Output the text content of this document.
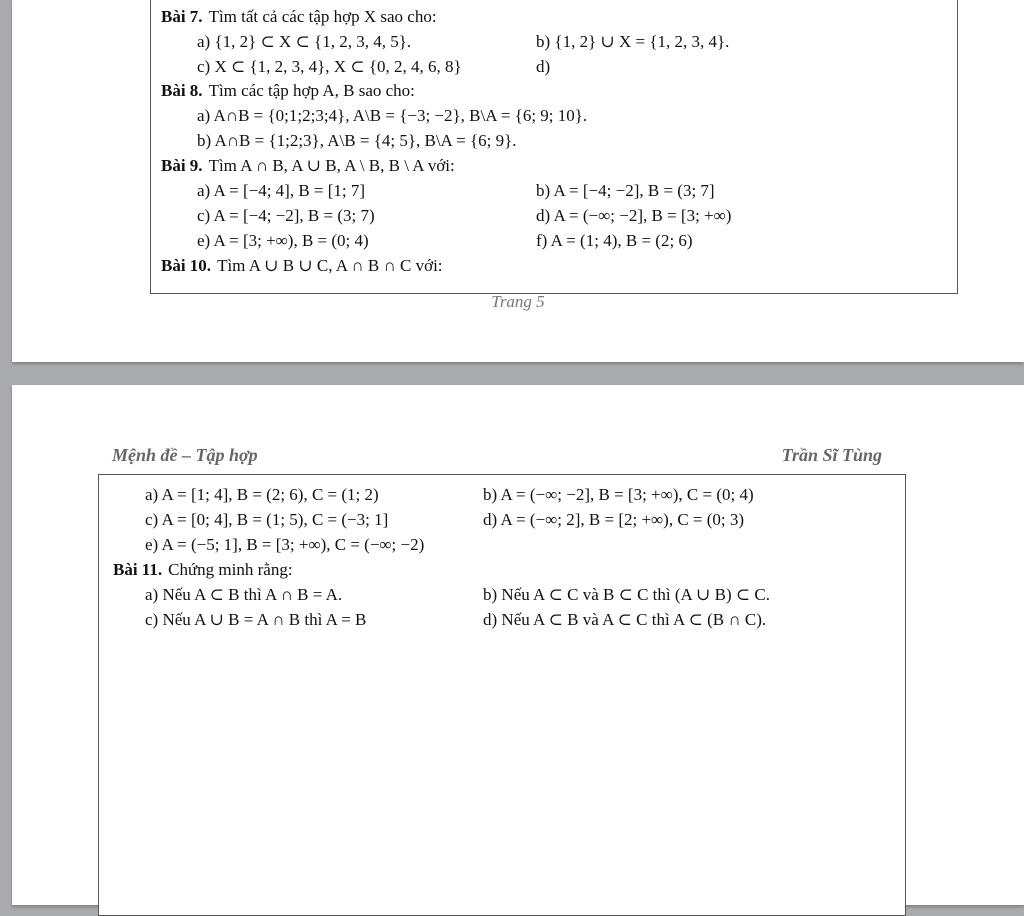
Bài 7. Tìm tất cả các tập hợp X sao cho:
a) {1, 2} ⊂ X ⊂ {1, 2, 3, 4, 5}.	b) {1, 2} ∪ X = {1, 2, 3, 4}.
c) X ⊂ {1, 2, 3, 4}, X ⊂ {0, 2, 4, 6, 8}	d)
Bài 8. Tìm các tập hợp A, B sao cho:
a) A∩B = {0;1;2;3;4}, A\B = {−3; −2}, B\A = {6; 9; 10}.
b) A∩B = {1;2;3}, A\B = {4; 5}, B\A = {6; 9}.
Bài 9. Tìm A ∩ B, A ∪ B, A \ B, B \ A với:
a) A = [−4; 4], B = [1; 7]	b) A = [−4; −2], B = (3; 7]
c) A = [−4; −2], B = (3; 7)	d) A = (−∞; −2], B = [3; +∞)
e) A = [3; +∞), B = (0; 4)	f) A = (1; 4), B = (2; 6)
Bài 10. Tìm A ∪ B ∪ C, A ∩ B ∩ C với:
Trang 5
Mệnh đề – Tập hợp	Trần Sĩ Tùng
a) A = [1; 4], B = (2; 6), C = (1; 2)	b) A = (−∞; −2], B = [3; +∞), C = (0; 4)
c) A = [0; 4], B = (1; 5), C = (−3; 1]	d) A = (−∞; 2], B = [2; +∞), C = (0; 3)
e) A = (−5; 1], B = [3; +∞), C = (−∞; −2)
Bài 11. Chứng minh rằng:
a) Nếu A ⊂ B thì A ∩ B = A.	b) Nếu A ⊂ C và B ⊂ C thì (A ∪ B) ⊂ C.
c) Nếu A ∪ B = A ∩ B thì A = B	d) Nếu A ⊂ B và A ⊂ C thì A ⊂ (B ∩ C).
